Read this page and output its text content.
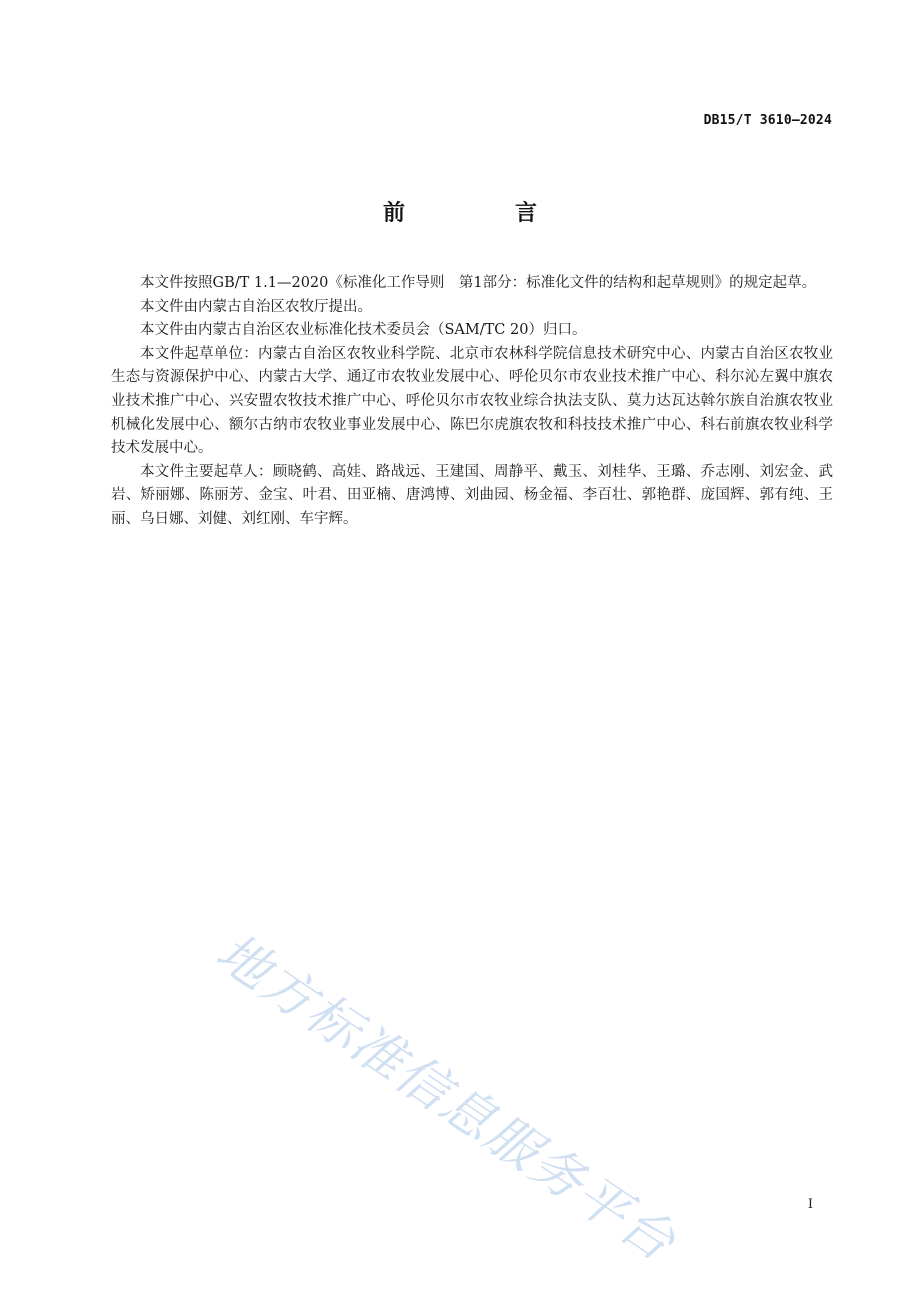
DB15/T 3610—2024
前　言

本文件按照GB/T 1.1—2020《标准化工作导则　第1部分：标准化文件的结构和起草规则》的规定起草。

本文件由内蒙古自治区农牧厅提出。

本文件由内蒙古自治区农业标准化技术委员会（SAM/TC 20）归口。

本文件起草单位：内蒙古自治区农牧业科学院、北京市农林科学院信息技术研究中心、内蒙古自治区农牧业生态与资源保护中心、内蒙古大学、通辽市农牧业发展中心、呼伦贝尔市农业技术推广中心、科尔沁左翼中旗农业技术推广中心、兴安盟农牧技术推广中心、呼伦贝尔市农牧业综合执法支队、莫力达瓦达斡尔族自治旗农牧业机械化发展中心、额尔古纳市农牧业事业发展中心、陈巴尔虎旗农牧和科技技术推广中心、科右前旗农牧业科学技术发展中心。

本文件主要起草人：顾晓鹤、高娃、路战远、王建国、周静平、戴玉、刘桂华、王璐、乔志刚、刘宏金、武岩、矫丽娜、陈丽芳、金宝、叶君、田亚楠、唐鸿博、刘曲园、杨金福、李百壮、郭艳群、庞国辉、郭有纯、王丽、乌日娜、刘健、刘红刚、车宇辉。

地方标准信息服务平台	I
